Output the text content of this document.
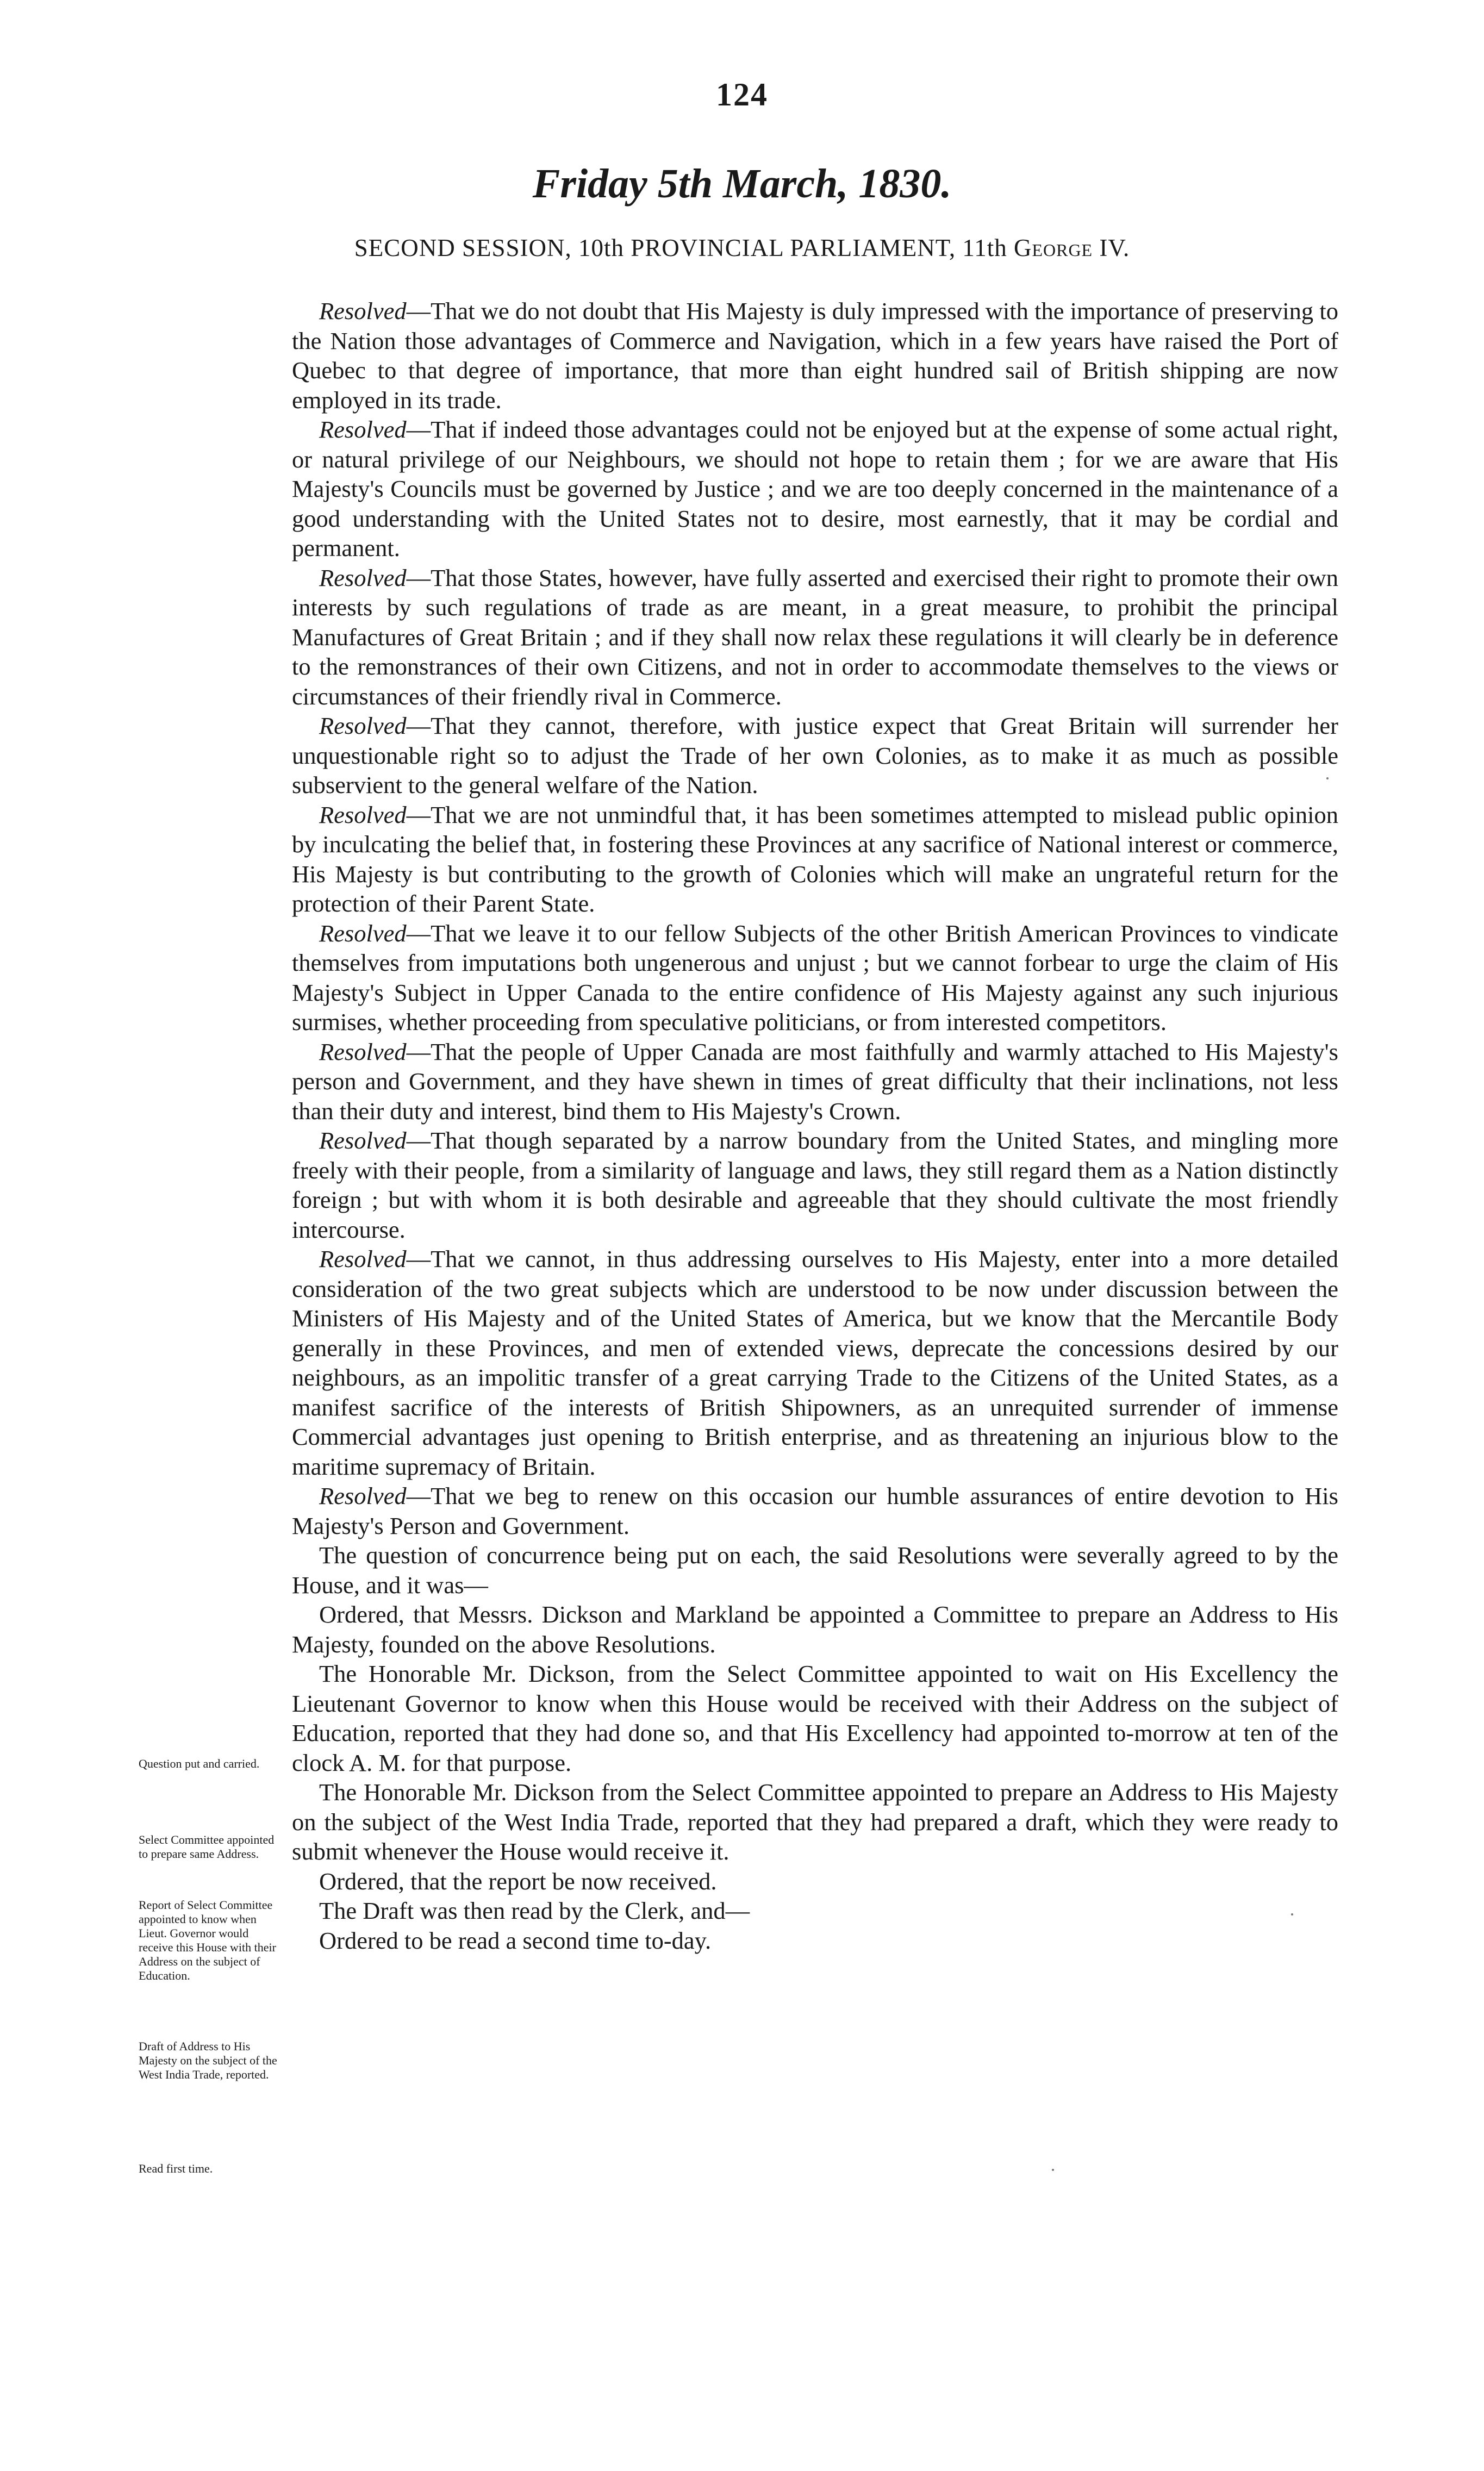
124
Friday 5th March, 1830.
SECOND SESSION, 10th PROVINCIAL PARLIAMENT, 11th George IV.

Resolved—That we do not doubt that His Majesty is duly impressed with the importance of preserving to the Nation those advantages of Commerce and Navigation, which in a few years have raised the Port of Quebec to that degree of importance, that more than eight hundred sail of British shipping are now employed in its trade.

Resolved—That if indeed those advantages could not be enjoyed but at the expense of some actual right, or natural privilege of our Neighbours, we should not hope to retain them ; for we are aware that His Majesty's Councils must be governed by Justice ; and we are too deeply concerned in the maintenance of a good understanding with the United States not to desire, most earnestly, that it may be cordial and permanent.

Resolved—That those States, however, have fully asserted and exercised their right to promote their own interests by such regulations of trade as are meant, in a great measure, to prohibit the principal Manufactures of Great Britain ; and if they shall now relax these regulations it will clearly be in deference to the remonstrances of their own Citizens, and not in order to accommodate themselves to the views or circumstances of their friendly rival in Commerce.

Resolved—That they cannot, therefore, with justice expect that Great Britain will surrender her unquestionable right so to adjust the Trade of her own Colonies, as to make it as much as possible subservient to the general welfare of the Nation.

Resolved—That we are not unmindful that, it has been sometimes attempted to mislead public opinion by inculcating the belief that, in fostering these Provinces at any sacrifice of National interest or commerce, His Majesty is but contributing to the growth of Colonies which will make an ungrateful return for the protection of their Parent State.

Resolved—That we leave it to our fellow Subjects of the other British American Provinces to vindicate themselves from imputations both ungenerous and unjust ; but we cannot forbear to urge the claim of His Majesty's Subject in Upper Canada to the entire confidence of His Majesty against any such injurious surmises, whether proceeding from speculative politicians, or from interested competitors.

Resolved—That the people of Upper Canada are most faithfully and warmly attached to His Majesty's person and Government, and they have shewn in times of great difficulty that their inclinations, not less than their duty and interest, bind them to His Majesty's Crown.

Resolved—That though separated by a narrow boundary from the United States, and mingling more freely with their people, from a similarity of language and laws, they still regard them as a Nation distinctly foreign ; but with whom it is both desirable and agreeable that they should cultivate the most friendly intercourse.

Resolved—That we cannot, in thus addressing ourselves to His Majesty, enter into a more detailed consideration of the two great subjects which are understood to be now under discussion between the Ministers of His Majesty and of the United States of America, but we know that the Mercantile Body generally in these Provinces, and men of extended views, deprecate the concessions desired by our neighbours, as an impolitic transfer of a great carrying Trade to the Citizens of the United States, as a manifest sacrifice of the interests of British Shipowners, as an unrequited surrender of immense Commercial advantages just opening to British enterprise, and as threatening an injurious blow to the maritime supremacy of Britain.

Resolved—That we beg to renew on this occasion our humble assurances of entire devotion to His Majesty's Person and Government.

The question of concurrence being put on each, the said Resolutions were severally agreed to by the House, and it was—

Ordered, that Messrs. Dickson and Markland be appointed a Committee to prepare an Address to His Majesty, founded on the above Resolutions.

The Honorable Mr. Dickson, from the Select Committee appointed to wait on His Excellency the Lieutenant Governor to know when this House would be received with their Address on the subject of Education, reported that they had done so, and that His Excellency had appointed to-morrow at ten of the clock A. M. for that purpose.

The Honorable Mr. Dickson from the Select Committee appointed to prepare an Address to His Majesty on the subject of the West India Trade, reported that they had prepared a draft, which they were ready to submit whenever the House would receive it.

Ordered, that the report be now received.

The Draft was then read by the Clerk, and—

Ordered to be read a second time to-day.

Question put and carried.
Select Committee appointed to prepare same Address.
Report of Select Committee appointed to know when Lieut. Governor would receive this House with their Address on the subject of Education.
Draft of Address to His Majesty on the subject of the West India Trade, reported.
Read first time.
